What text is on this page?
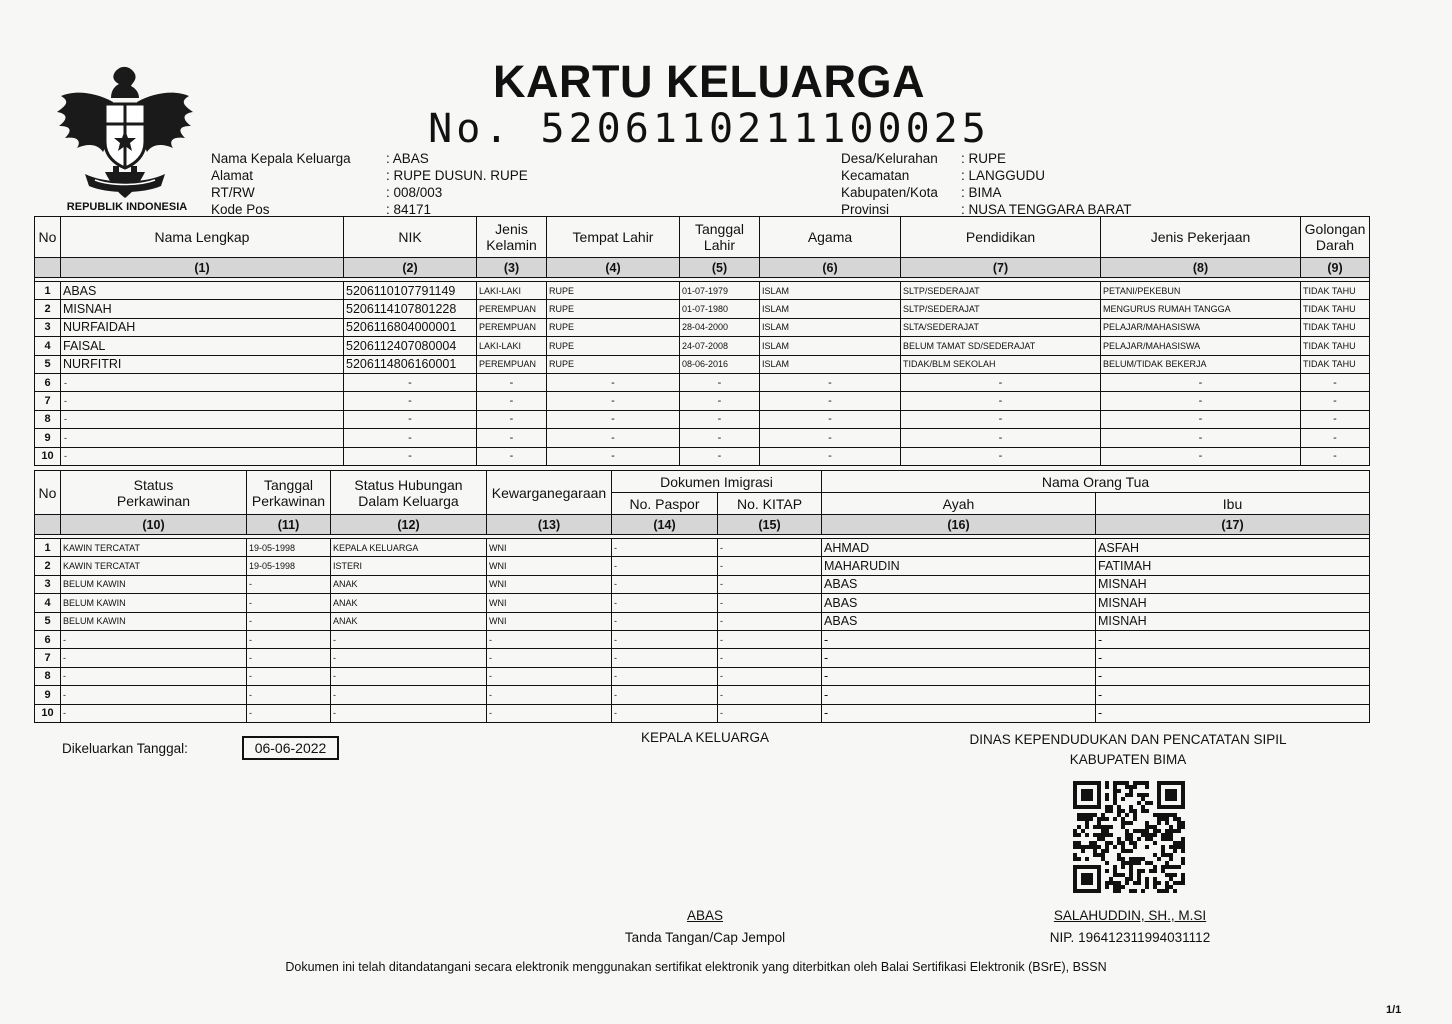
REPUBLIK INDONESIA
KARTU KELUARGA
No. 5206110211100025
Nama Kepala Keluarga	: ABAS
Alamat	: RUPE DUSUN. RUPE
RT/RW	: 008/003
Kode Pos	: 84171
Desa/Kelurahan : RUPE
Kecamatan	: LANGGUDU
Kabupaten/Kota : BIMA
Provinsi	: NUSA TENGGARA BARAT
No	Nama Lengkap	NIK	Jenis Kelamin	Tempat Lahir	Tanggal Lahir	Agama	Pendidikan	Jenis Pekerjaan	Golongan Darah
	(1)	(2)	(3)	(4)	(5)	(6)	(7)	(8)	(9)

1	ABAS	5206110107791149	LAKI-LAKI	RUPE	01-07-1979	ISLAM	SLTP/SEDERAJAT	PETANI/PEKEBUN	TIDAK TAHU
2	MISNAH	5206114107801228	PEREMPUAN	RUPE	01-07-1980	ISLAM	SLTP/SEDERAJAT	MENGURUS RUMAH TANGGA	TIDAK TAHU
3	NURFAIDAH	5206116804000001	PEREMPUAN	RUPE	28-04-2000	ISLAM	SLTA/SEDERAJAT	PELAJAR/MAHASISWA	TIDAK TAHU
4	FAISAL	5206112407080004	LAKI-LAKI	RUPE	24-07-2008	ISLAM	BELUM TAMAT SD/SEDERAJAT	PELAJAR/MAHASISWA	TIDAK TAHU
5	NURFITRI	5206114806160001	PEREMPUAN	RUPE	08-06-2016	ISLAM	TIDAK/BLM SEKOLAH	BELUM/TIDAK BEKERJA	TIDAK TAHU
6	-	-	-	-	-	-	-	-	-
7	-	-	-	-	-	-	-	-	-
8	-	-	-	-	-	-	-	-	-
9	-	-	-	-	-	-	-	-	-
10	-	-	-	-	-	-	-	-	-
No	Status Perkawinan	Tanggal Perkawinan	Status Hubungan Dalam Keluarga	Kewarganegaraan	Dokumen Imigrasi		Nama Orang Tua	
					No. Paspor	No. KITAP	Ayah	Ibu
	(10)	(11)	(12)	(13)	(14)	(15)	(16)	(17)

1	KAWIN TERCATAT	19-05-1998	KEPALA KELUARGA	WNI	-	-	AHMAD	ASFAH
2	KAWIN TERCATAT	19-05-1998	ISTERI	WNI	-	-	MAHARUDIN	FATIMAH
3	BELUM KAWIN	-	ANAK	WNI	-	-	ABAS	MISNAH
4	BELUM KAWIN	-	ANAK	WNI	-	-	ABAS	MISNAH
5	BELUM KAWIN	-	ANAK	WNI	-	-	ABAS	MISNAH
6	-	-	-	-	-	-	-	-
7	-	-	-	-	-	-	-	-
8	-	-	-	-	-	-	-	-
9	-	-	-	-	-	-	-	-
10	-	-	-	-	-	-	-	-
Dikeluarkan Tanggal:	06-06-2022
KEPALA KELUARGA	DINAS KEPENDUDUKAN DAN PENCATATAN SIPIL
KABUPATEN BIMA
ABAS
Tanda Tangan/Cap Jempol
SALAHUDDIN, SH., M.SI
NIP. 196412311994031112
Dokumen ini telah ditandatangani secara elektronik menggunakan sertifikat elektronik yang diterbitkan oleh Balai Sertifikasi Elektronik (BSrE), BSSN
1/1
